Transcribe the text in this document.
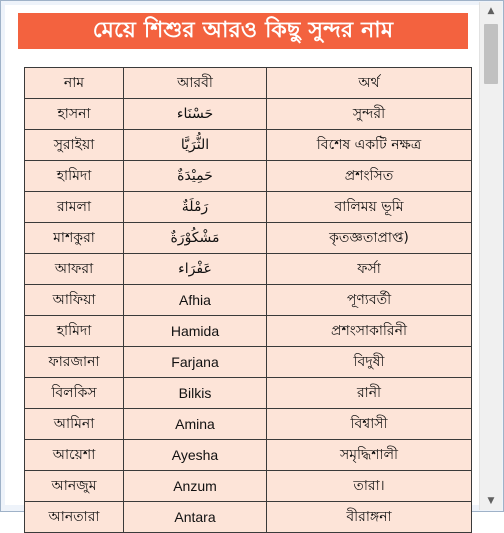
মেয়ে শিশুর আরও কিছু সুন্দর নাম
নাম	আরবী	অর্থ
হাসনা	حَسْنَاء	সুন্দরী
সুরাইয়া	الثُّرَيَّا	বিশেষ একটি নক্ষত্র
হামিদা	حَمِيْدَةٌ	প্রশংসিত
রামলা	رَمْلَةٌ	বালিময় ভূমি
মাশকুরা	مَشْكُوْرَةٌ	কৃতজ্ঞতাপ্রাপ্ত)
আফরা	عَفْرَاء	ফর্সা
আফিয়া	Afhia	পূণ্যবর্তী
হামিদা	Hamida	প্রশংসাকারিনী
ফারজানা	Farjana	বিদুষী
বিলকিস	Bilkis	রানী
আমিনা	Amina	বিশ্বাসী
আয়েশা	Ayesha	সমৃদ্ধিশালী
আনজুম	Anzum	তারা।
আনতারা	Antara	বীরাঙ্গনা
▲
▼
